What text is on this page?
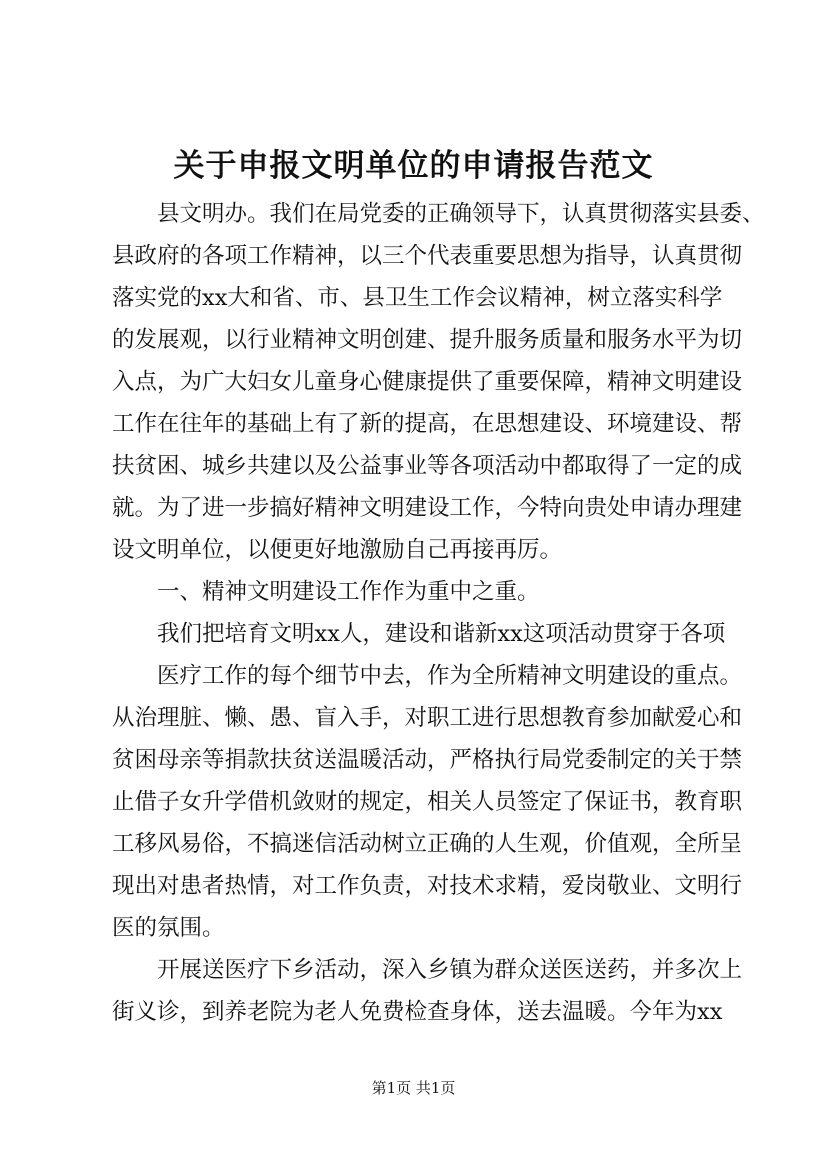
关于申报文明单位的申请报告范文
县文明办。我们在局党委的正确领导下，认真贯彻落实县委、
县政府的各项工作精神，以三个代表重要思想为指导，认真贯彻
落实党的xx大和省、市、县卫生工作会议精神，树立落实科学
的发展观，以行业精神文明创建、提升服务质量和服务水平为切
入点，为广大妇女儿童身心健康提供了重要保障，精神文明建设
工作在往年的基础上有了新的提高，在思想建设、环境建设、帮
扶贫困、城乡共建以及公益事业等各项活动中都取得了一定的成
就。为了进一步搞好精神文明建设工作，今特向贵处申请办理建
设文明单位，以便更好地激励自己再接再厉。
一、精神文明建设工作作为重中之重。
我们把培育文明xx人，建设和谐新xx这项活动贯穿于各项
医疗工作的每个细节中去，作为全所精神文明建设的重点。
从治理脏、懒、愚、盲入手，对职工进行思想教育参加献爱心和
贫困母亲等捐款扶贫送温暖活动，严格执行局党委制定的关于禁
止借子女升学借机敛财的规定，相关人员签定了保证书，教育职
工移风易俗，不搞迷信活动树立正确的人生观，价值观，全所呈
现出对患者热情，对工作负责，对技术求精，爱岗敬业、文明行
医的氛围。
开展送医疗下乡活动，深入乡镇为群众送医送药，并多次上
街义诊，到养老院为老人免费检查身体，送去温暖。今年为xx
第1页 共1页
